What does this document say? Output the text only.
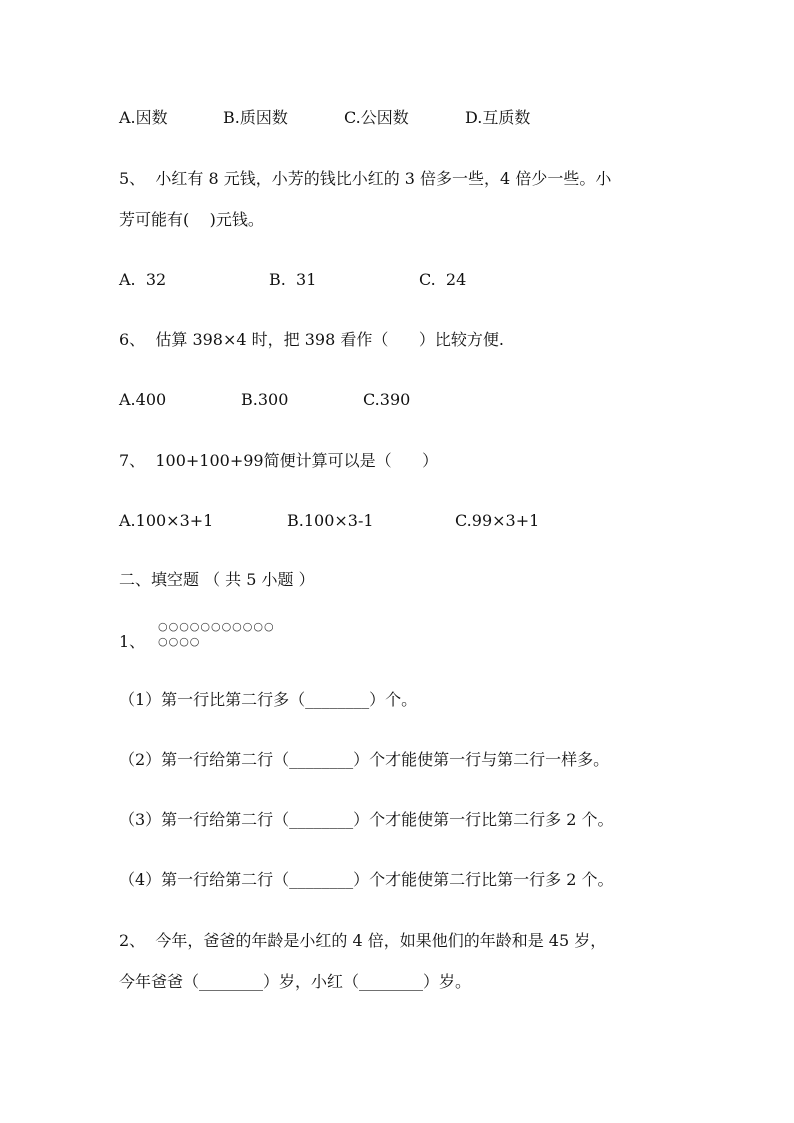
A.因数	B.质因数	C.公因数	D.互质数
5、  小红有 8 元钱，小芳的钱比小红的 3 倍多一些，4 倍少一些。小
芳可能有(    )元钱。
A.  32	B.  31	C.  24
6、  估算 398×4 时，把 398 看作（      ）比较方便.
A.400	B.300	C.390
7、  100+100+99简便计算可以是（      ）
A.100×3+1	B.100×3-1	C.99×3+1
二、填空题 （ 共 5 小题 ）
1、
○○○○○○○○○○○
○○○○
（1）第一行比第二行多（________）个。
（2）第一行给第二行（________）个才能使第一行与第二行一样多。
（3）第一行给第二行（________）个才能使第一行比第二行多 2 个。
（4）第一行给第二行（________）个才能使第二行比第一行多 2 个。
2、  今年，爸爸的年龄是小红的 4 倍，如果他们的年龄和是 45 岁，
今年爸爸（________）岁，小红（________）岁。
